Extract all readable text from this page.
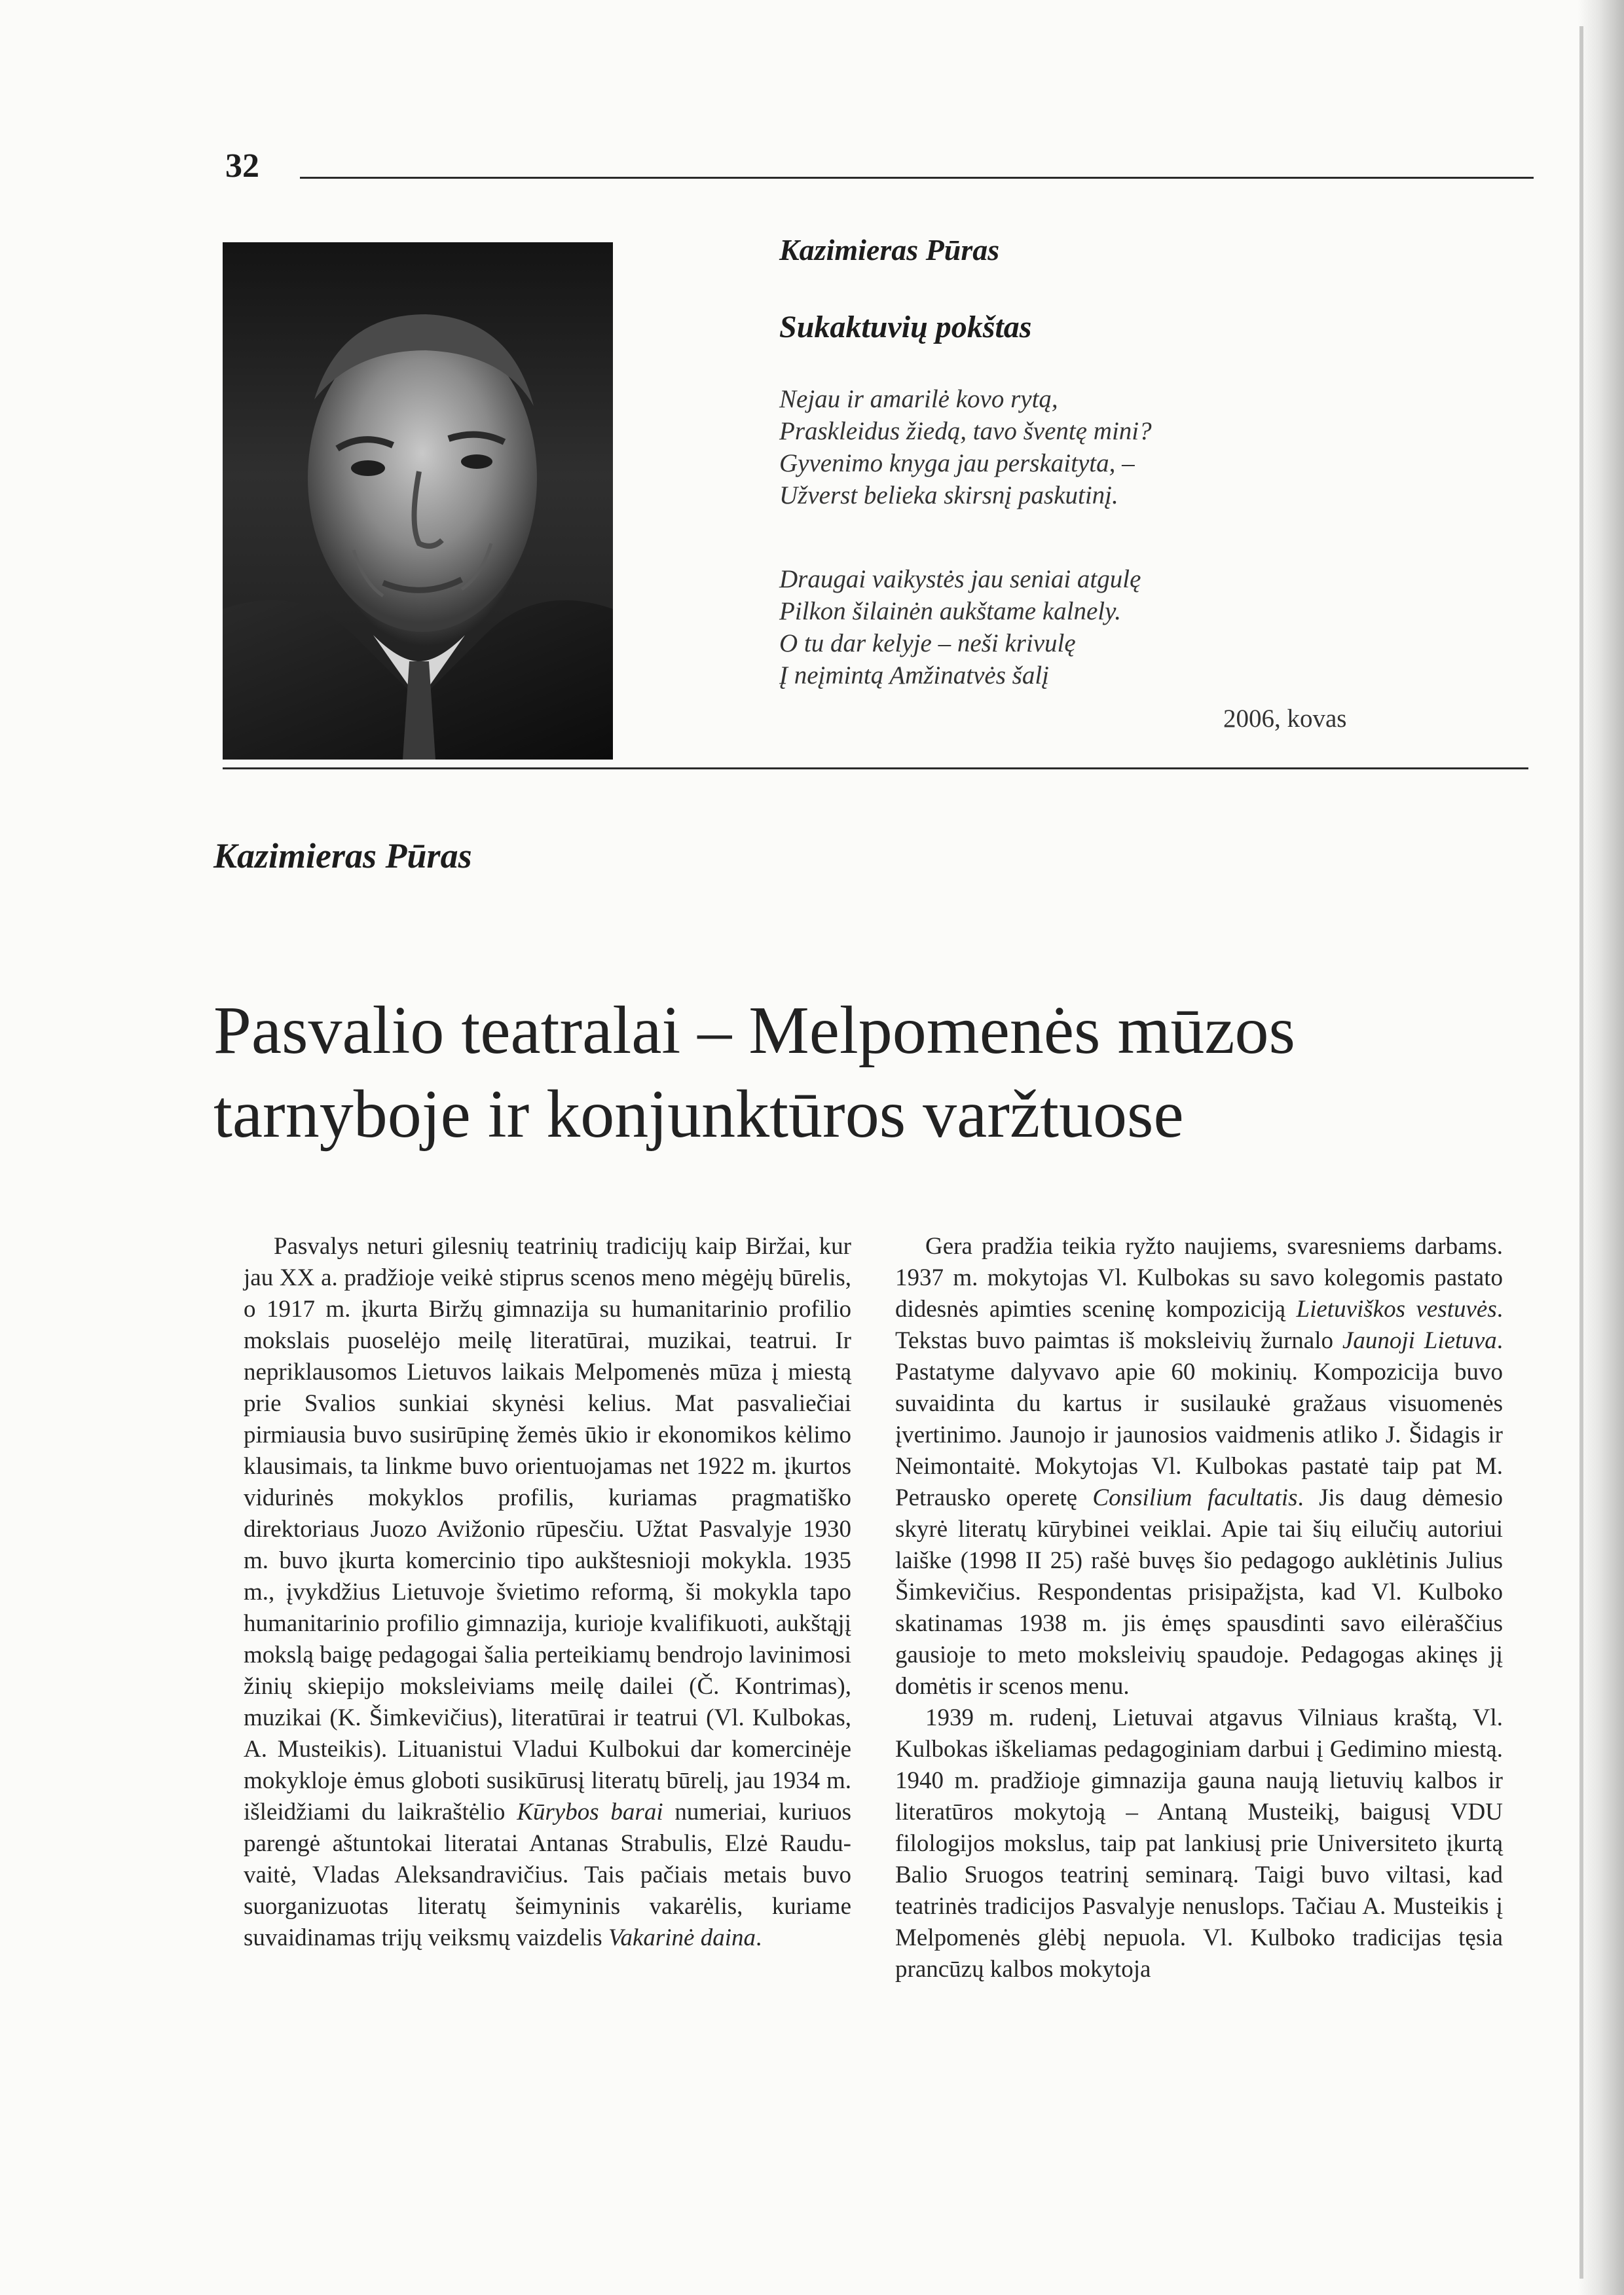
32
Kazimieras Pūras
Sukaktuvių pokštas
Nejau ir amarilė kovo rytą,
Praskleidus žiedą, tavo šventę mini?
Gyvenimo knyga jau perskaityta, –
Užverst belieka skirsnį paskutinį.
Draugai vaikystės jau seniai atgulę
Pilkon šilainėn aukštame kalnely.
O tu dar kelyje – neši krivulę
Į neįmintą Amžinatvės šalį
2006, kovas
Kazimieras Pūras
Pasvalio teatralai – Melpomenės mūzos
tarnyboje ir konjunktūros varžtuose

Pasvalys neturi gilesnių teatrinių tradicijų kaip Biržai, kur jau XX a. pradžioje veikė stiprus scenos meno mėgėjų būrelis, o 1917 m. įkurta Biržų gimnazija su humanitarinio profilio mokslais puoselėjo meilę literatūrai, muzikai, teatrui. Ir nepriklausomos Lietuvos laikais Melpomenės mūza į miestą prie Svalios sunkiai skynėsi kelius. Mat pasvaliečiai pirmiausia buvo susirūpinę žemės ūkio ir ekonomikos kėlimo klausimais, ta linkme buvo orientuojamas net 1922 m. įkurtos vidurinės mokyklos profilis, kuriamas pragmatiško direktoriaus Juozo Avižonio rūpesčiu. Užtat Pasvalyje 1930 m. buvo įkurta komercinio tipo aukštesnioji mokykla. 1935 m., įvykdžius Lietuvoje švietimo reformą, ši mokykla tapo humanitarinio profilio gimnazija, kurioje kvalifikuoti, aukštąjį mokslą baigę pedagogai šalia perteikiamų bendrojo lavinimosi žinių skiepijo moksleiviams meilę dailei (Č. Kontrimas), muzikai (K. Šimkevičius), literatūrai ir teatrui (Vl. Kulbokas, A. Musteikis). Lituanistui Vladui Kulbokui dar komercinėje mokykloje ėmus globoti susikūrusį literatų būrelį, jau 1934 m. išleidžiami du laikraštėlio Kūrybos barai numeriai, kuriuos parengė aštuntokai literatai Antanas Strabulis, Elzė Rauduvaitė, Vladas Aleksandravičius. Tais pačiais metais buvo suorganizuotas literatų šeimyninis vakarėlis, kuriame suvaidinamas trijų veiksmų vaizdelis Vakarinė daina.

Gera pradžia teikia ryžto naujiems, svaresniems darbams. 1937 m. mokytojas Vl. Kulbokas su savo kolegomis pastato didesnės apimties sceninę kompoziciją Lietuviškos vestuvės. Tekstas buvo paimtas iš moksleivių žurnalo Jaunoji Lietuva. Pastatyme dalyvavo apie 60 mokinių. Kompozicija buvo suvaidinta du kartus ir susilaukė gražaus visuomenės įvertinimo. Jaunojo ir jaunosios vaidmenis atliko J. Šidagis ir Neimontaitė. Mokytojas Vl. Kulbokas pastatė taip pat M. Petrausko operetę Consilium facultatis. Jis daug dėmesio skyrė literatų kūrybinei veiklai. Apie tai šių eilučių autoriui laiške (1998 II 25) rašė buvęs šio pedagogo auklėtinis Julius Šimkevičius. Respondentas prisipažįsta, kad Vl. Kulboko skatinamas 1938 m. jis ėmęs spausdinti savo eilėraščius gausioje to meto moksleivių spaudoje. Pedagogas akinęs jį domėtis ir scenos menu.

1939 m. rudenį, Lietuvai atgavus Vilniaus kraštą, Vl. Kulbokas iškeliamas pedagoginiam darbui į Gedimino miestą. 1940 m. pradžioje gimnazija gauna naują lietuvių kalbos ir literatūros mokytoją – Antaną Musteikį, baigusį VDU filologijos mokslus, taip pat lankiusį prie Universiteto įkurtą Balio Sruogos teatrinį seminarą. Taigi buvo viltasi, kad teatrinės tradicijos Pasvalyje nenuslops. Tačiau A. Musteikis į Melpomenės glėbį nepuola. Vl. Kulboko tradicijas tęsia prancūzų kalbos mokytoja
